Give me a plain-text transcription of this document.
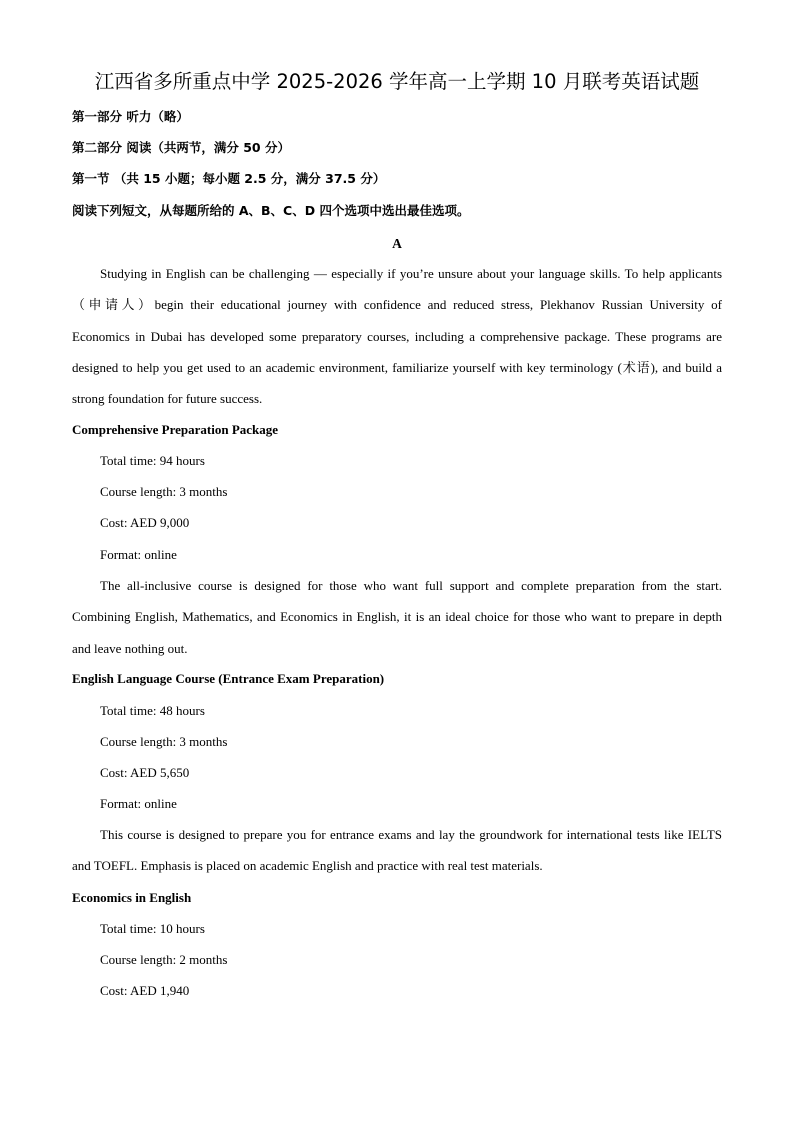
江西省多所重点中学 2025-2026 学年高一上学期 10 月联考英语试题
第一部分 听力（略）
第二部分 阅读（共两节，满分 50 分）
第一节 （共 15 小题；每小题 2.5 分，满分 37.5 分）
阅读下列短文，从每题所给的 A、B、C、D 四个选项中选出最佳选项。
A
Studying in English can be challenging — especially if you’re unsure about your language skills. To help applicants（申请人）begin their educational journey with confidence and reduced stress, Plekhanov Russian University of Economics in Dubai has developed some preparatory courses, including a comprehensive package. These programs are designed to help you get used to an academic environment, familiarize yourself with key terminology (术语), and build a strong foundation for future success.
Comprehensive Preparation Package
Total time: 94 hours
Course length: 3 months
Cost: AED 9,000
Format: online
The all-inclusive course is designed for those who want full support and complete preparation from the start. Combining English, Mathematics, and Economics in English, it is an ideal choice for those who want to prepare in depth and leave nothing out.
English Language Course (Entrance Exam Preparation)
Total time: 48 hours
Course length: 3 months
Cost: AED 5,650
Format: online
This course is designed to prepare you for entrance exams and lay the groundwork for international tests like IELTS and TOEFL. Emphasis is placed on academic English and practice with real test materials.
Economics in English
Total time: 10 hours
Course length: 2 months
Cost: AED 1,940
